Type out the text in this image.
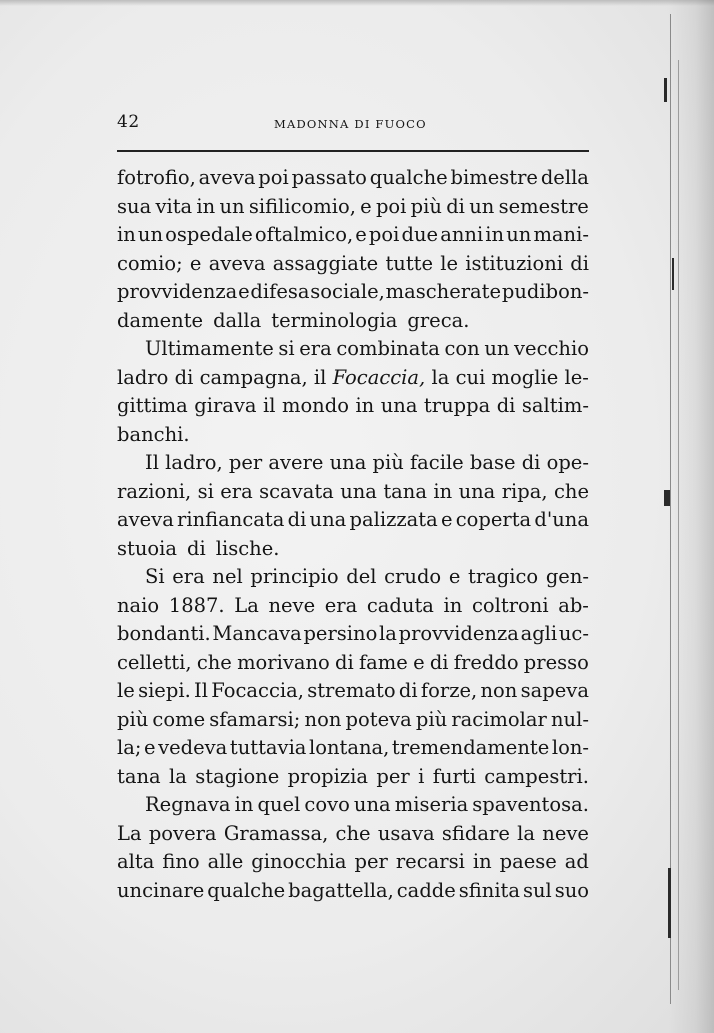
42	MADONNA DI FUOCO
fotrofio, aveva poi passato qualche bimestre della
sua vita in un sifilicomio, e poi più di un semestre
in un ospedale oftalmico, e poi due anni in un mani-
comio; e aveva assaggiate tutte le istituzioni di
provvidenza e difesa sociale, mascherate pudibon-
damente dalla terminologia greca.
Ultimamente si era combinata con un vecchio
ladro di campagna, il Focaccia, la cui moglie le-
gittima girava il mondo in una truppa di saltim-
banchi.
Il ladro, per avere una più facile base di ope-
razioni, si era scavata una tana in una ripa, che
aveva rinfiancata di una palizzata e coperta d'una
stuoia di lische.
Si era nel principio del crudo e tragico gen-
naio 1887. La neve era caduta in coltroni ab-
bondanti. Mancava persino la provvidenza agli uc-
celletti, che morivano di fame e di freddo presso
le siepi. Il Focaccia, stremato di forze, non sapeva
più come sfamarsi; non poteva più racimolar nul-
la; e vedeva tuttavia lontana, tremendamente lon-
tana la stagione propizia per i furti campestri.
Regnava in quel covo una miseria spaventosa.
La povera Gramassa, che usava sfidare la neve
alta fino alle ginocchia per recarsi in paese ad
uncinare qualche bagattella, cadde sfinita sul suo
